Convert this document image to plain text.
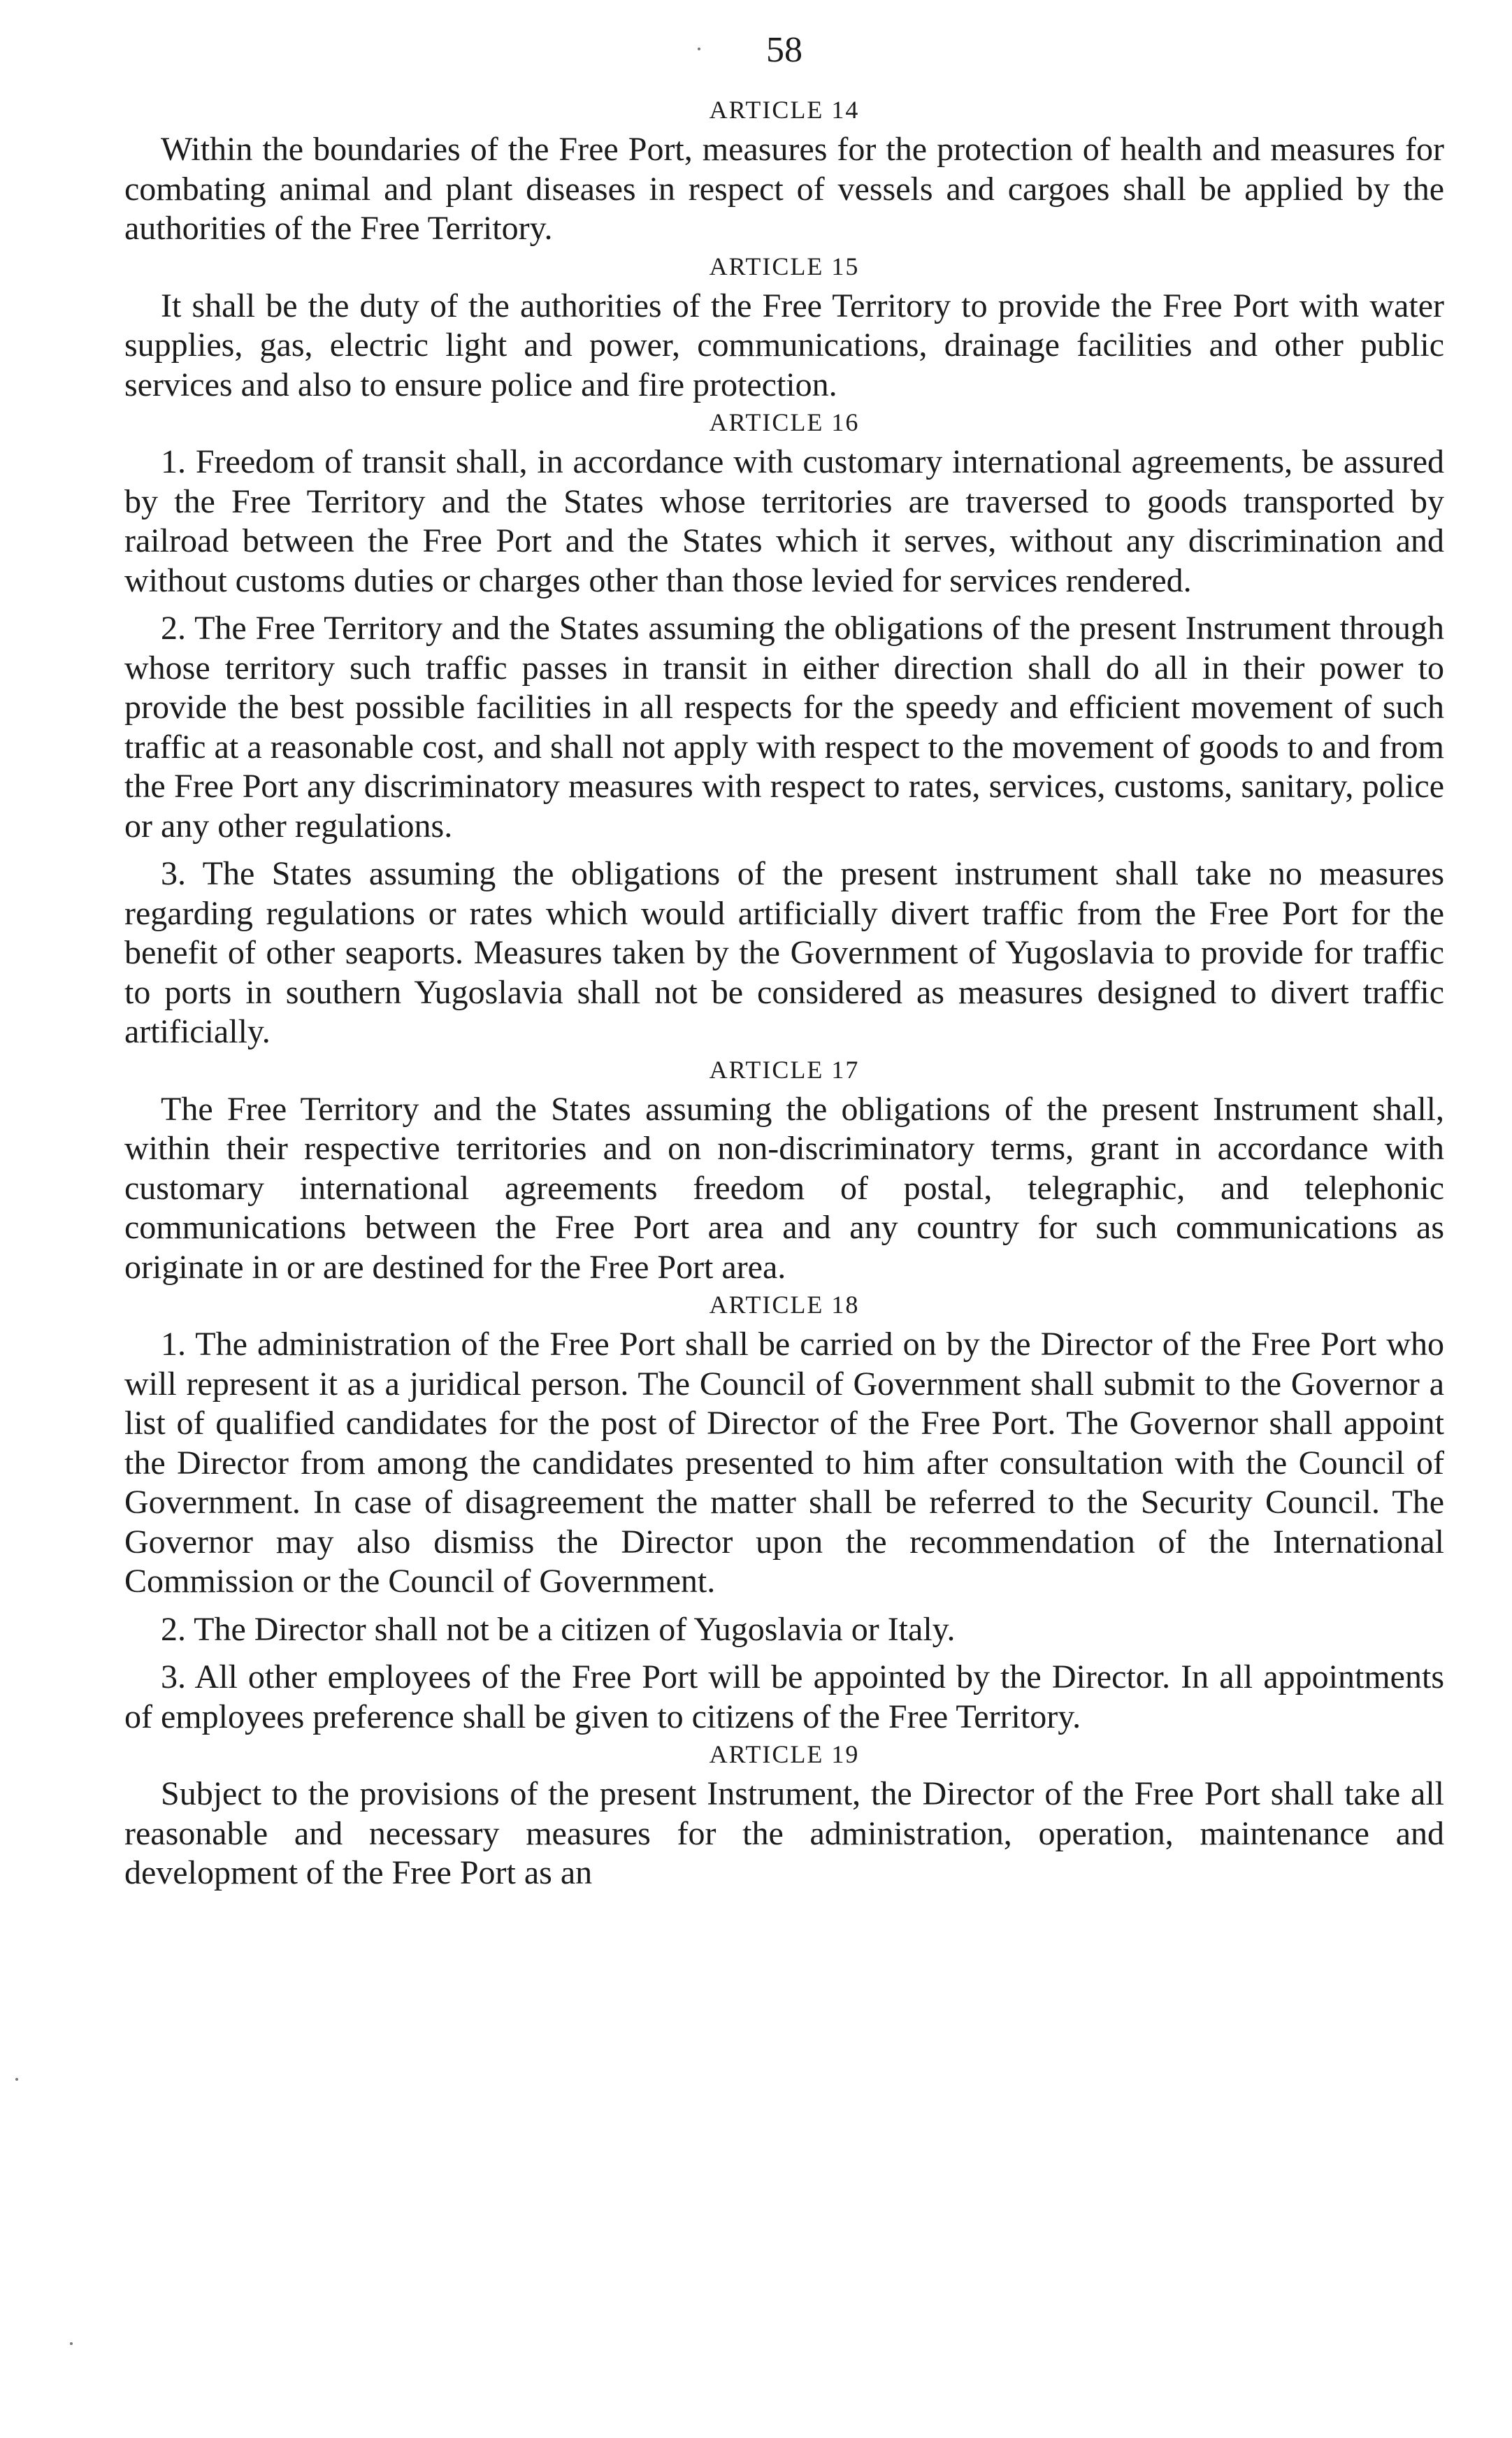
58
ARTICLE 14

Within the boundaries of the Free Port, measures for the protection of health and measures for combating animal and plant diseases in respect of vessels and cargoes shall be applied by the authorities of the Free Territory.

ARTICLE 15

It shall be the duty of the authorities of the Free Territory to provide the Free Port with water supplies, gas, electric light and power, communications, drainage facilities and other public services and also to ensure police and fire protection.

ARTICLE 16

1. Freedom of transit shall, in accordance with customary international agreements, be assured by the Free Territory and the States whose territories are traversed to goods transported by railroad between the Free Port and the States which it serves, without any discrimination and without customs duties or charges other than those levied for services rendered.

2. The Free Territory and the States assuming the obligations of the present Instrument through whose territory such traffic passes in transit in either direction shall do all in their power to provide the best possible facilities in all respects for the speedy and efficient movement of such traffic at a reasonable cost, and shall not apply with respect to the movement of goods to and from the Free Port any discriminatory measures with respect to rates, services, customs, sanitary, police or any other regulations.

3. The States assuming the obligations of the present instrument shall take no measures regarding regulations or rates which would artificially divert traffic from the Free Port for the benefit of other seaports. Measures taken by the Government of Yugoslavia to provide for traffic to ports in southern Yugoslavia shall not be considered as measures designed to divert traffic artificially.

ARTICLE 17

The Free Territory and the States assuming the obligations of the present Instrument shall, within their respective territories and on non-discriminatory terms, grant in accordance with customary international agreements freedom of postal, telegraphic, and telephonic communications between the Free Port area and any country for such communications as originate in or are destined for the Free Port area.

ARTICLE 18

1. The administration of the Free Port shall be carried on by the Director of the Free Port who will represent it as a juridical person. The Council of Government shall submit to the Governor a list of qualified candidates for the post of Director of the Free Port. The Governor shall appoint the Director from among the candidates presented to him after consultation with the Council of Government. In case of disagreement the matter shall be referred to the Security Council. The Governor may also dismiss the Director upon the recommendation of the International Commission or the Council of Government.

2. The Director shall not be a citizen of Yugoslavia or Italy.

3. All other employees of the Free Port will be appointed by the Director. In all appointments of employees preference shall be given to citizens of the Free Territory.

ARTICLE 19

Subject to the provisions of the present Instrument, the Director of the Free Port shall take all reasonable and necessary measures for the administration, operation, maintenance and development of the Free Port as an
